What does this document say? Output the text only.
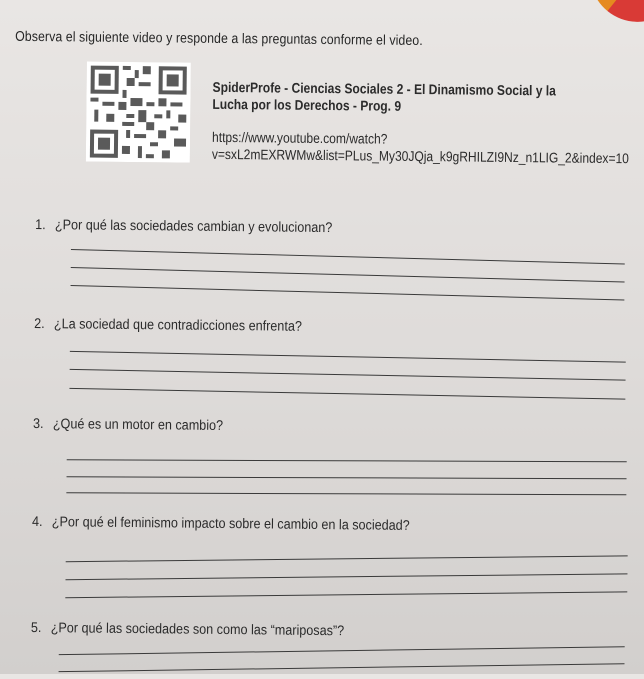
Observa el siguiente video y responde a las preguntas conforme el video.
SpiderProfe - Ciencias Sociales 2 - El Dinamismo Social y la
Lucha por los Derechos - Prog. 9
https://www.youtube.com/watch?v=sxL2mEXRWMw&list=PLus_My30JQja_k9gRHILZI9Nz_n1LIG_2&index=10
1. ¿Por qué las sociedades cambian y evolucionan?
2. ¿La sociedad que contradicciones enfrenta?
3. ¿Qué es un motor en cambio?
4. ¿Por qué el feminismo impacto sobre el cambio en la sociedad?
5. ¿Por qué las sociedades son como las “mariposas”?
